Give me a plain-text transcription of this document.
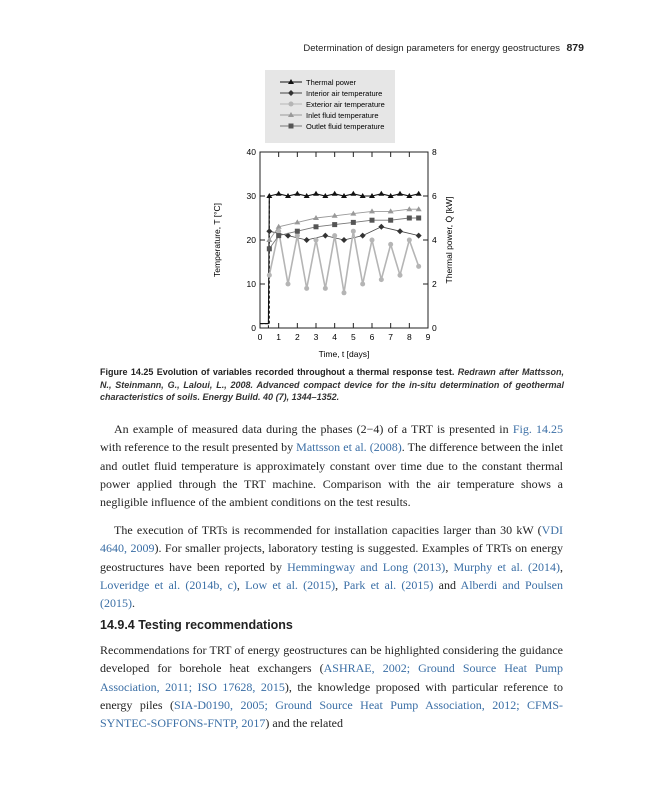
Determination of design parameters for energy geostructures 879
Thermal power
Interior air temperature
Exterior air temperature
Inlet fluid temperature
Outlet fluid temperature
0 1 2 3 4 5 6 7 8 9
0
10
20
30
40
0
2
4
6
8
Temperature, T [°C]	Thermal power, Q̇ [kW]
Time, t [days]
Figure 14.25 Evolution of variables recorded throughout a thermal response test. Redrawn after Mattsson, N., Steinmann, G., Laloui, L., 2008. Advanced compact device for the in-situ determination of geothermal characteristics of soils. Energy Build. 40 (7), 1344–1352.

An example of measured data during the phases (2−4) of a TRT is presented in Fig. 14.25 with reference to the result presented by Mattsson et al. (2008). The difference between the inlet and outlet fluid temperature is approximately constant over time due to the constant thermal power applied through the TRT machine. Comparison with the air temperature shows a negligible influence of the ambient conditions on the test results.

The execution of TRTs is recommended for installation capacities larger than 30 kW (VDI 4640, 2009). For smaller projects, laboratory testing is suggested. Examples of TRTs on energy geostructures have been reported by Hemmingway and Long (2013), Murphy et al. (2014), Loveridge et al. (2014b, c), Low et al. (2015), Park et al. (2015) and Alberdi and Poulsen (2015).

14.9.4 Testing recommendations

Recommendations for TRT of energy geostructures can be highlighted considering the guidance developed for borehole heat exchangers (ASHRAE, 2002; Ground Source Heat Pump Association, 2011; ISO 17628, 2015), the knowledge proposed with particular reference to energy piles (SIA-D0190, 2005; Ground Source Heat Pump Association, 2012; CFMS-SYNTEC-SOFFONS-FNTP, 2017) and the related
